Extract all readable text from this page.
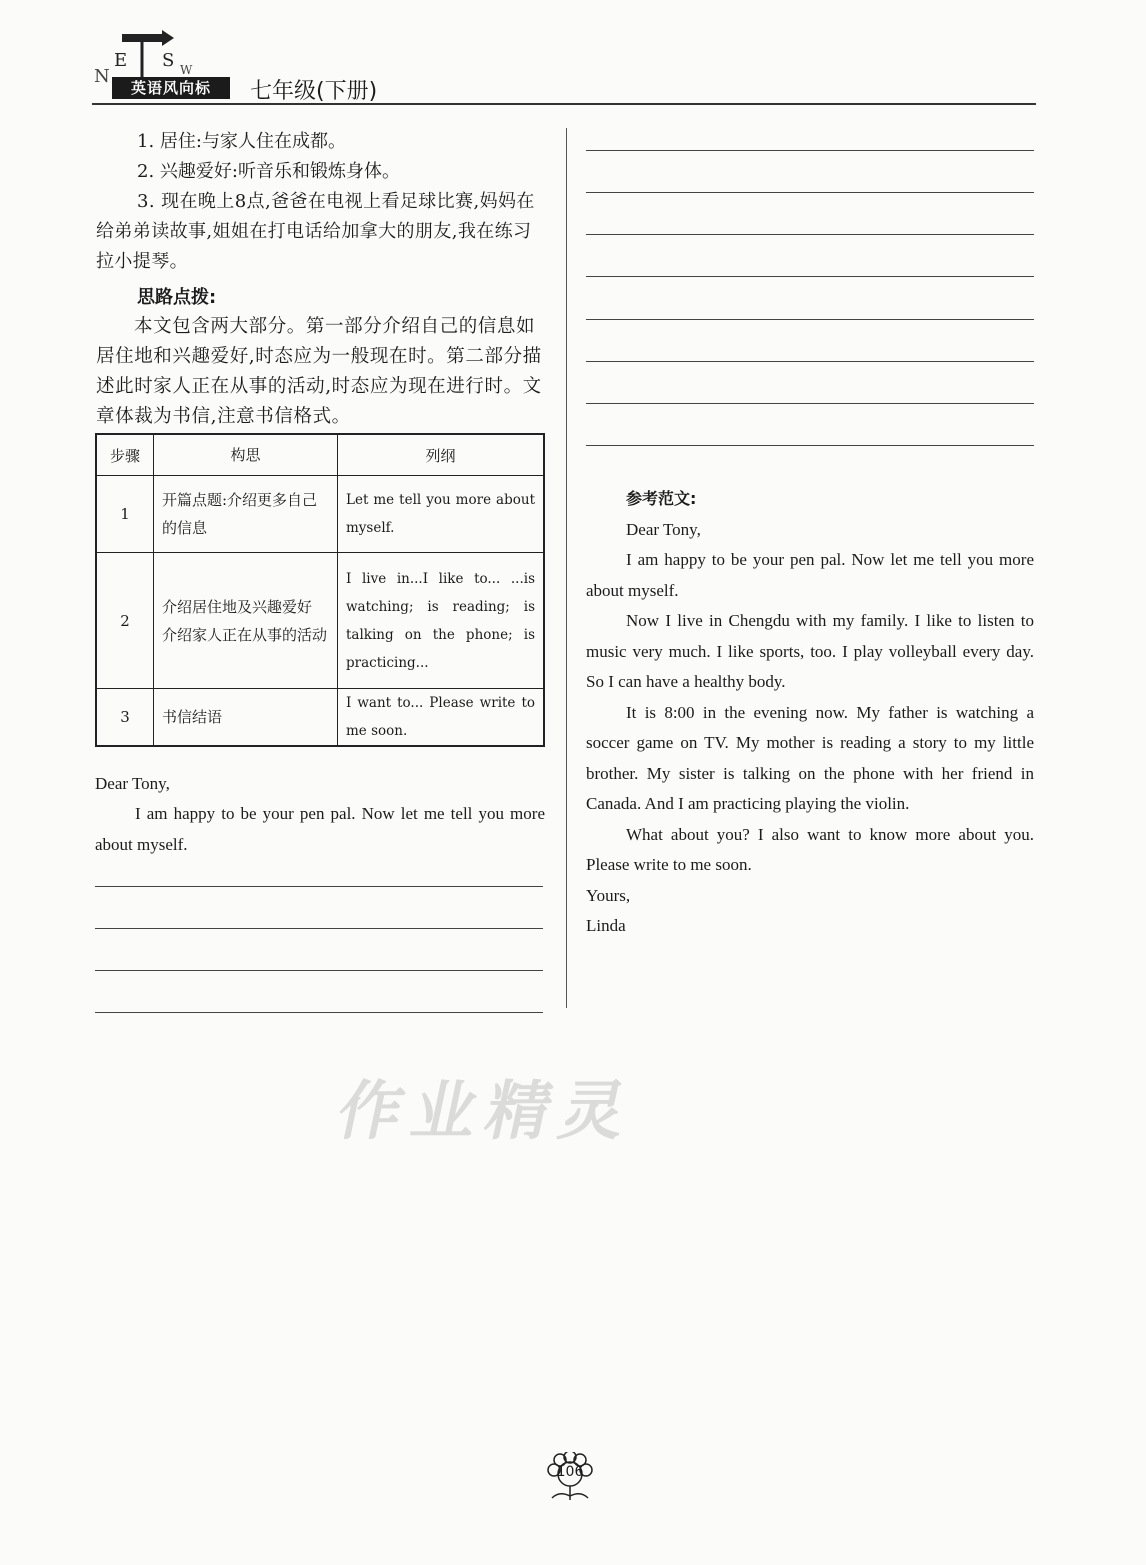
N
E S W
英语风向标	七年级(下册)
1. 居住:与家人住在成都。
2. 兴趣爱好:听音乐和锻炼身体。
3. 现在晚上8点,爸爸在电视上看足球比赛,妈妈在给弟弟读故事,姐姐在打电话给加拿大的朋友,我在练习拉小提琴。
思路点拨:
本文包含两大部分。第一部分介绍自己的信息如居住地和兴趣爱好,时态应为一般现在时。第二部分描述此时家人正在从事的活动,时态应为现在进行时。文章体裁为书信,注意书信格式。
步骤	构思	列纲
1	开篇点题:介绍更多自己的信息	Let me tell you more about myself.
2	介绍居住地及兴趣爱好 介绍家人正在从事的活动	I live in...I like to... ...is watching; is reading; is talking on the phone; is practicing...
3	书信结语	I want to... Please write to me soon.
Dear Tony,
I am happy to be your pen pal. Now let me tell you more about myself.

参考范文:

Dear Tony,

I am happy to be your pen pal. Now let me tell you more about myself.

Now I live in Chengdu with my family. I like to listen to music very much. I like sports, too. I play volleyball every day. So I can have a healthy body.

It is 8:00 in the evening now. My father is watching a soccer game on TV. My mother is reading a story to my little brother. My sister is talking on the phone with her friend in Canada. And I am practicing playing the violin.

What about you? I also want to know more about you. Please write to me soon.

Yours,

Linda

作业精灵
106
